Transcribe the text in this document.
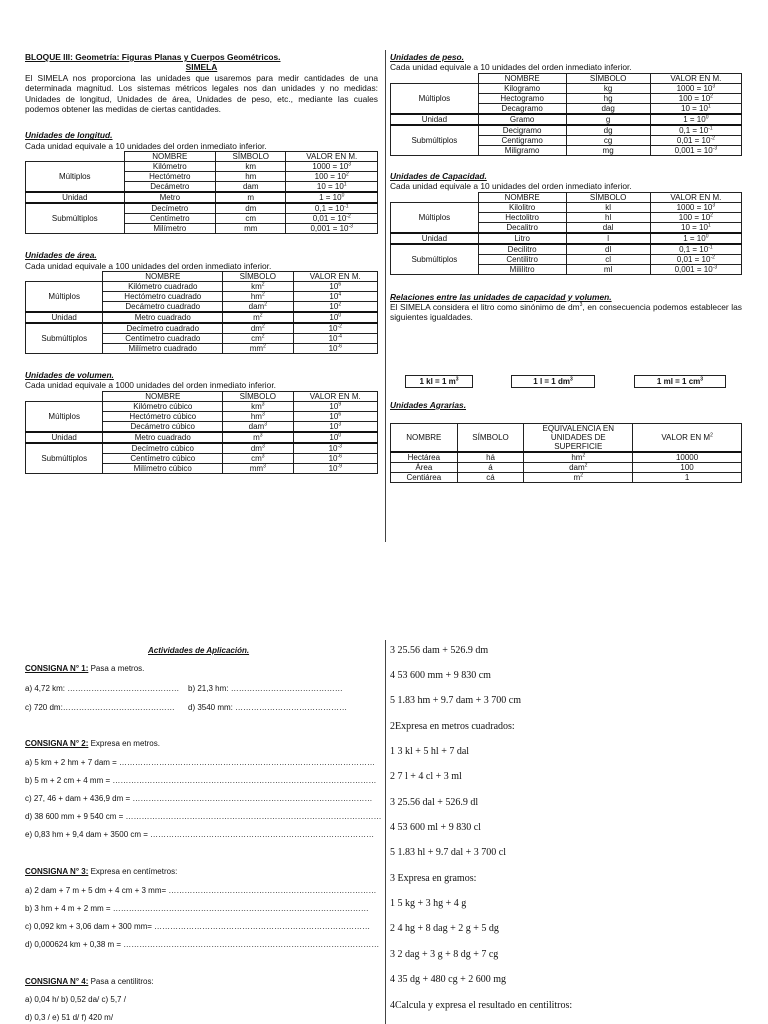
BLOQUE III: Geometría: Figuras Planas y Cuerpos Geométricos.
SIMELA
El SIMELA nos proporciona las unidades que usaremos para medir cantidades de una determinada magnitud. Los sistemas métricos legales nos dan unidades y no medidas: Unidades de longitud, Unidades de área, Unidades de peso, etc., mediante las cuales podemos obtener las medidas de ciertas cantidades.
Unidades de longitud.
Cada unidad equivale a 10 unidades del orden inmediato inferior.
	NOMBRE	SÍMBOLO	VALOR EN M.
Múltiplos	Kilómetro	km	$1000 = 10^3$
	Hectómetro	hm	$100 = 10^2$
	Decámetro	dam	$10 = 10^1$
Unidad	Metro	m	$1 = 10^0$
Submúltiplos	Decímetro	dm	$0,1 = 10^{-1}$
	Centímetro	cm	$0,01 = 10^{-2}$
	Milímetro	mm	$0,001 = 10^{-3}$
Unidades de área.
Cada unidad equivale a 100 unidades del orden inmediato inferior.
	NOMBRE	SÍMBOLO	VALOR EN M.
Múltiplos	Kilómetro cuadrado	$km^2$	$10^6$
	Hectómetro cuadrado	$hm^2$	$10^4$
	Decámetro cuadrado	dam$^2$	$10^2$
Unidad	Metro cuadrado	$m^2$	$10^0$
Submúltiplos	Decímetro cuadrado	$dm^2$	$10^{-2}$
	Centímetro cuadrado	$cm^2$	$10^{-4}$
	Milímetro cuadrado	$mm^2$	$10^{-6}$
Unidades de volumen.
Cada unidad equivale a 1000 unidades del orden inmediato inferior.
	NOMBRE	SÍMBOLO	VALOR EN M.
Múltiplos	Kilómetro cúbico	$km^3$	$10^9$
	Hectómetro cúbico	$hm^3$	$10^6$
	Decámetro cúbico	dam$^3$	$10^3$
Unidad	Metro cuadrado	$m^3$	$10^0$
Submúltiplos	Decímetro cúbico	$dm^3$	$10^{-3}$
	Centímetro cúbico	$cm^3$	$10^{-6}$
	Milímetro cúbico	$mm^3$	$10^{-9}$
Unidades de peso.
Cada unidad equivale a 10 unidades del orden inmediato inferior.
	NOMBRE	SÍMBOLO	VALOR EN M.
Múltiplos	Kilogramo	kg	$1000 = 10^3$
	Hectogramo	hg	$100 = 10^2$
	Decagramo	dag	$10 = 10^1$
Unidad	Gramo	g	$1 = 10^0$
Submúltiplos	Decigramo	dg	$0,1 = 10^{-1}$
	Centigramo	cg	$0,01 = 10^{-2}$
	Miligramo	mg	$0,001 = 10^{-3}$
Unidades de Capacidad.
Cada unidad equivale a 10 unidades del orden inmediato inferior.
	NOMBRE	SÍMBOLO	VALOR EN M.
Múltiplos	Kilolitro	kl	$1000 = 10^3$
	Hectolitro	hl	$100 = 10^2$
	Decalitro	dal	$10 = 10^1$
Unidad	Litro	l	$1 = 10^0$
Submúltiplos	Decilitro	dl	$0,1 = 10^{-1}$
	Centilitro	cl	$0,01 = 10^{-2}$
	Mililitro	ml	$0,001 = 10^{-3}$
Relaciones entre las unidades de capacidad y volumen.
El SIMELA considera el litro como sinónimo de $dm^3$, en consecuencia podemos establecer las siguientes igualdades.
1 kl = 1 $m^3$	1 l = 1 $dm^3$	1 ml = 1 $cm^3$
Unidades Agrarias.
NOMBRE	SÍMBOLO	EQUIVALENCIA EN UNIDADES DE SUPERFICIE	VALOR EN $M^2$
Hectárea	há	$hm^2$	10000
Área	á	dam$^2$	100
Centiárea	cá	$m^2$	1
Actividades de Aplicación.
CONSIGNA N° 1: Pasa a metros.
a) 4,72 km: …………………………………… b) 21,3 hm: ……………………………………
c) 720 dm:…………………………………… d) 3540 mm: ……………………………………
CONSIGNA N° 2: Expresa en metros.
a) 5 km + 2 hm + 7 dam = ……………………………………………………………………………………
b) 5 m + 2 cm + 4 mm = ………………………………………………………………………………………
c) 27, 46 + dam + 436,9 dm = ………………………………………………………………………………
d) 38 600 mm + 9 540 cm = ……………………………………………………………………………………
e) 0,83 hm + 9,4 dam + 3500 cm = …………………………………………………………………………
CONSIGNA N° 3: Expresa en centímetros:
a) 2 dam + 7 m + 5 dm + 4 cm + 3 mm= ……………………………………………………………………
b) 3 hm + 4 m + 2 mm = ……………………………………………………………………………………
c) 0,092 km + 3,06 dam + 300 mm= ………………………………………………………………………
d) 0,000624 km + 0,38 m = ……………………………………………………………………………………
CONSIGNA N° 4: Pasa a centilitros:
a) 0,04 h/ b) 0,52 da/ c) 5,7 /
d) 0,3 / e) 51 d/ f) 420 m/
3 25.56 dam + 526.9 dm
4 53 600 mm + 9 830 cm
5 1.83 hm + 9.7 dam + 3 700 cm
2Expresa en metros cuadrados:
1 3 kl + 5 hl + 7 dal
2 7 l + 4 cl + 3 ml
3 25.56 dal + 526.9 dl
4 53 600 ml + 9 830 cl
5 1.83 hl + 9.7 dal + 3 700 cl
3 Expresa en gramos:
1 5 kg + 3 hg + 4 g
2 4 hg + 8 dag + 2 g + 5 dg
3 2 dag + 3 g + 8 dg + 7 cg
4 35 dg + 480 cg + 2 600 mg
4Calcula y expresa el resultado en centilitros:
